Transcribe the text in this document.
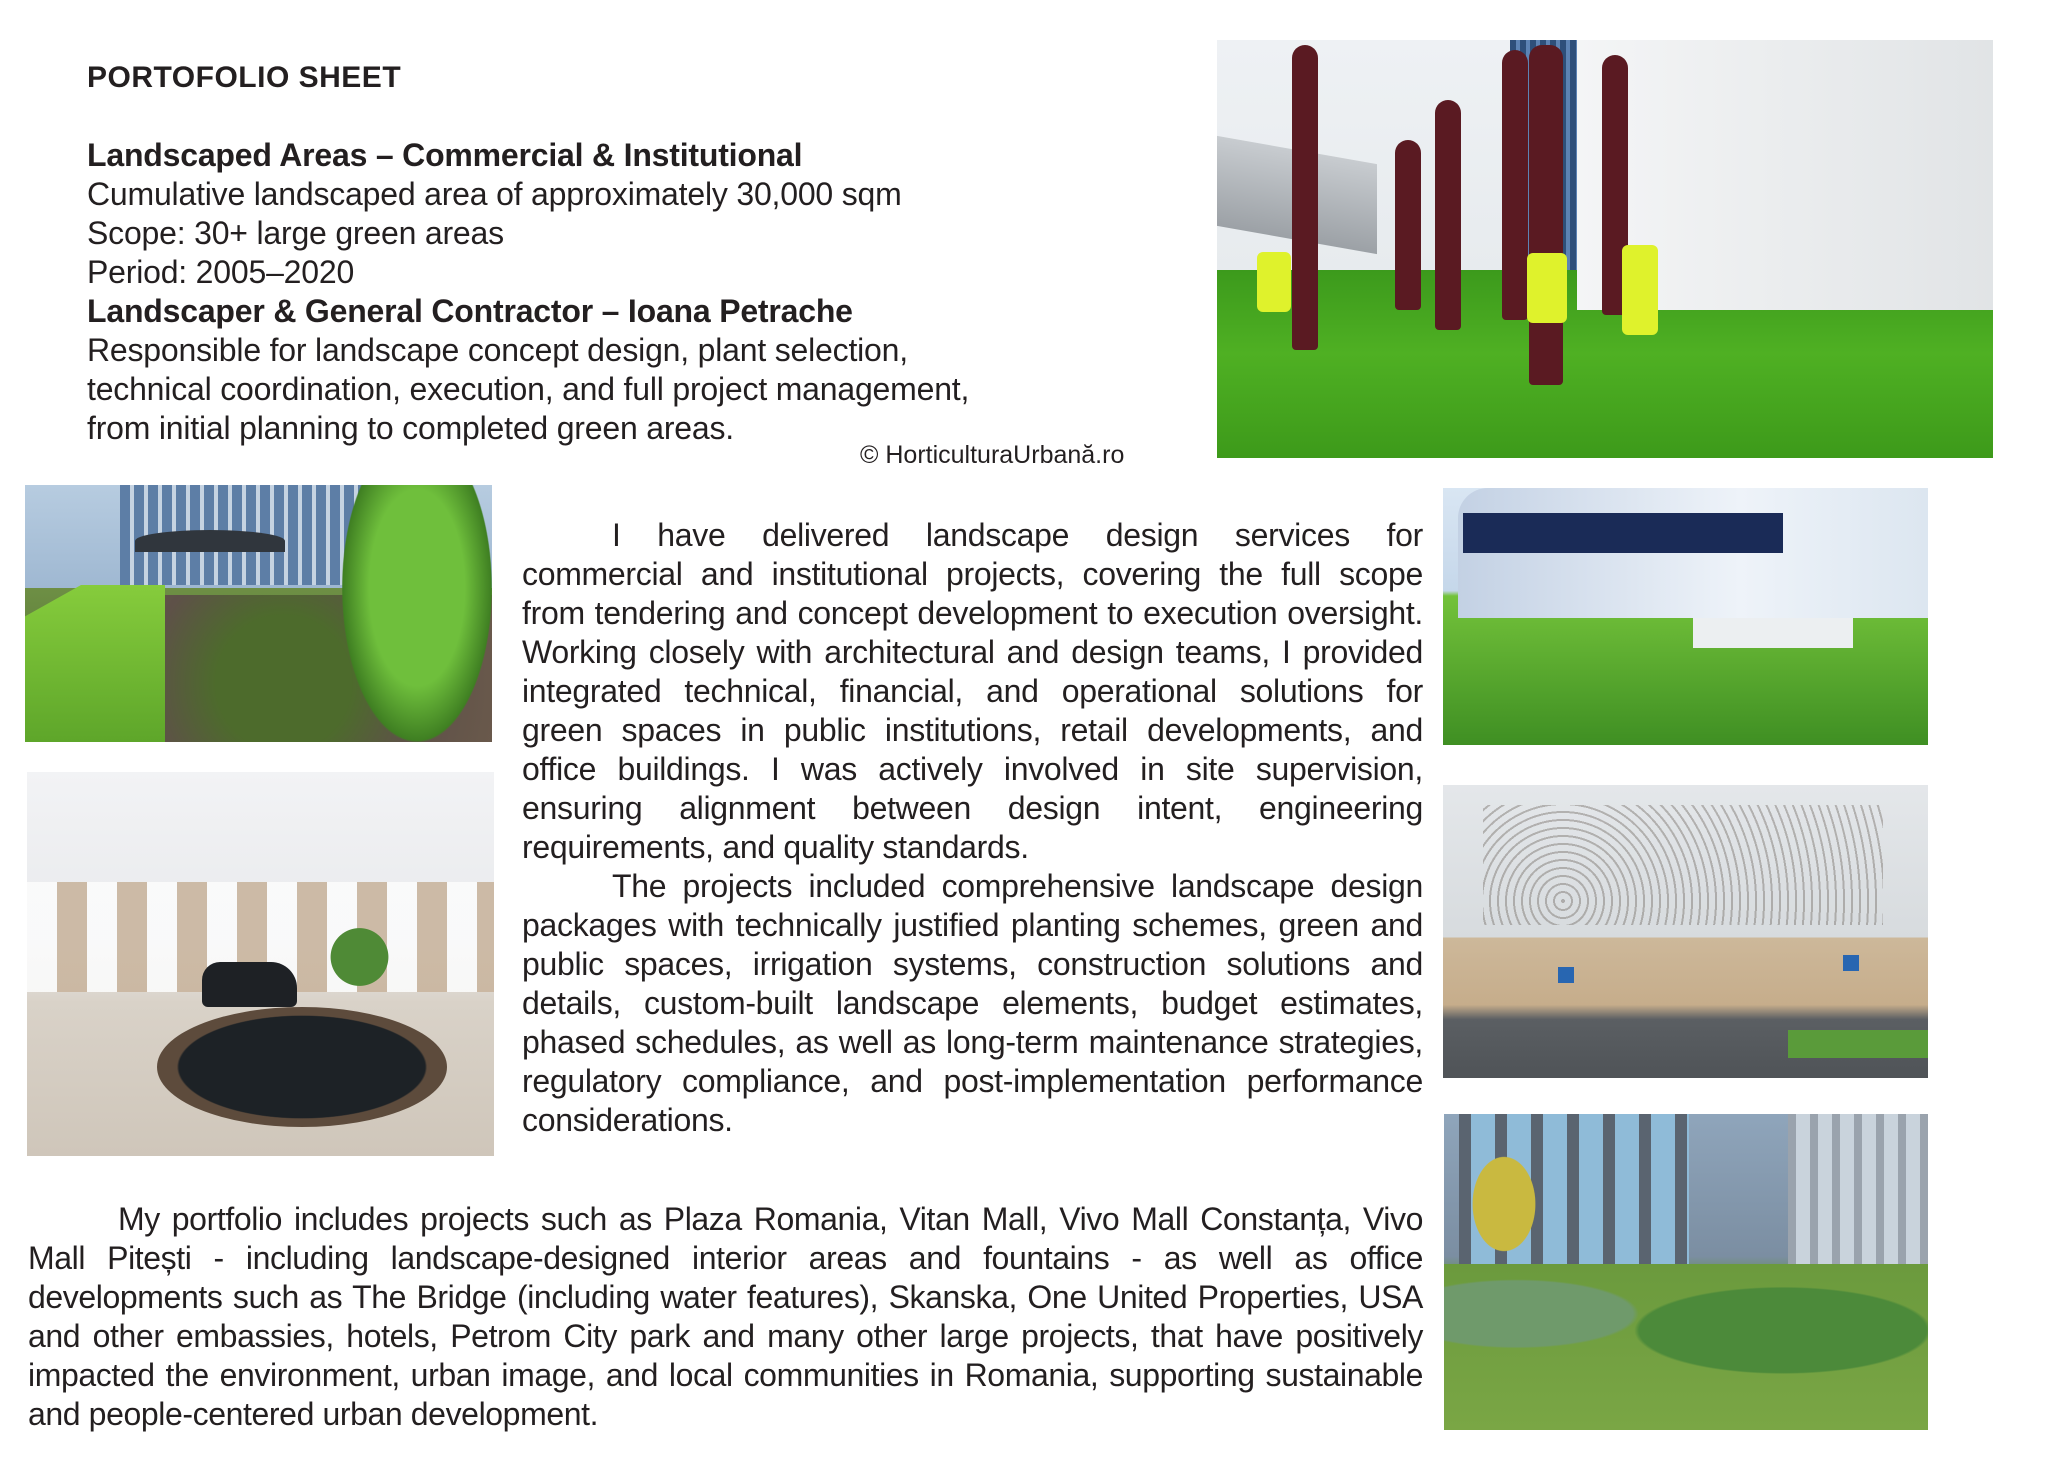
PORTOFOLIO SHEET
Landscaped Areas – Commercial & Institutional
Cumulative landscaped area of approximately 30,000 sqm
Scope: 30+ large green areas
Period: 2005–2020
Landscaper & General Contractor – Ioana Petrache
Responsible for landscape concept design, plant selection,
technical coordination, execution, and full project management,
from initial planning to completed green areas.
© HorticulturaUrbană.ro

I have delivered landscape design services for commercial and institutional projects, covering the full scope from tendering and concept development to execution oversight. Working closely with architectural and design teams, I provided integrated technical, financial, and operational solutions for green spaces in public institutions, retail developments, and office buildings. I was actively involved in site supervision, ensuring alignment between design intent, engineering requirements, and quality standards.

The projects included comprehensive landscape design packages with technically justified planting schemes, green and public spaces, irrigation systems, construction solutions and details, custom-built landscape elements, budget estimates, phased schedules, as well as long-term maintenance strategies, regulatory compliance, and post-implementation performance considerations.

My portfolio includes projects such as Plaza Romania, Vitan Mall, Vivo Mall Constanța, Vivo Mall Pitești - including landscape-designed interior areas and fountains - as well as office developments such as The Bridge (including water features), Skanska, One United Properties, USA and other embassies, hotels, Petrom City park and many other large projects, that have positively impacted the environment, urban image, and local communities in Romania, supporting sustainable and people-centered urban development.
